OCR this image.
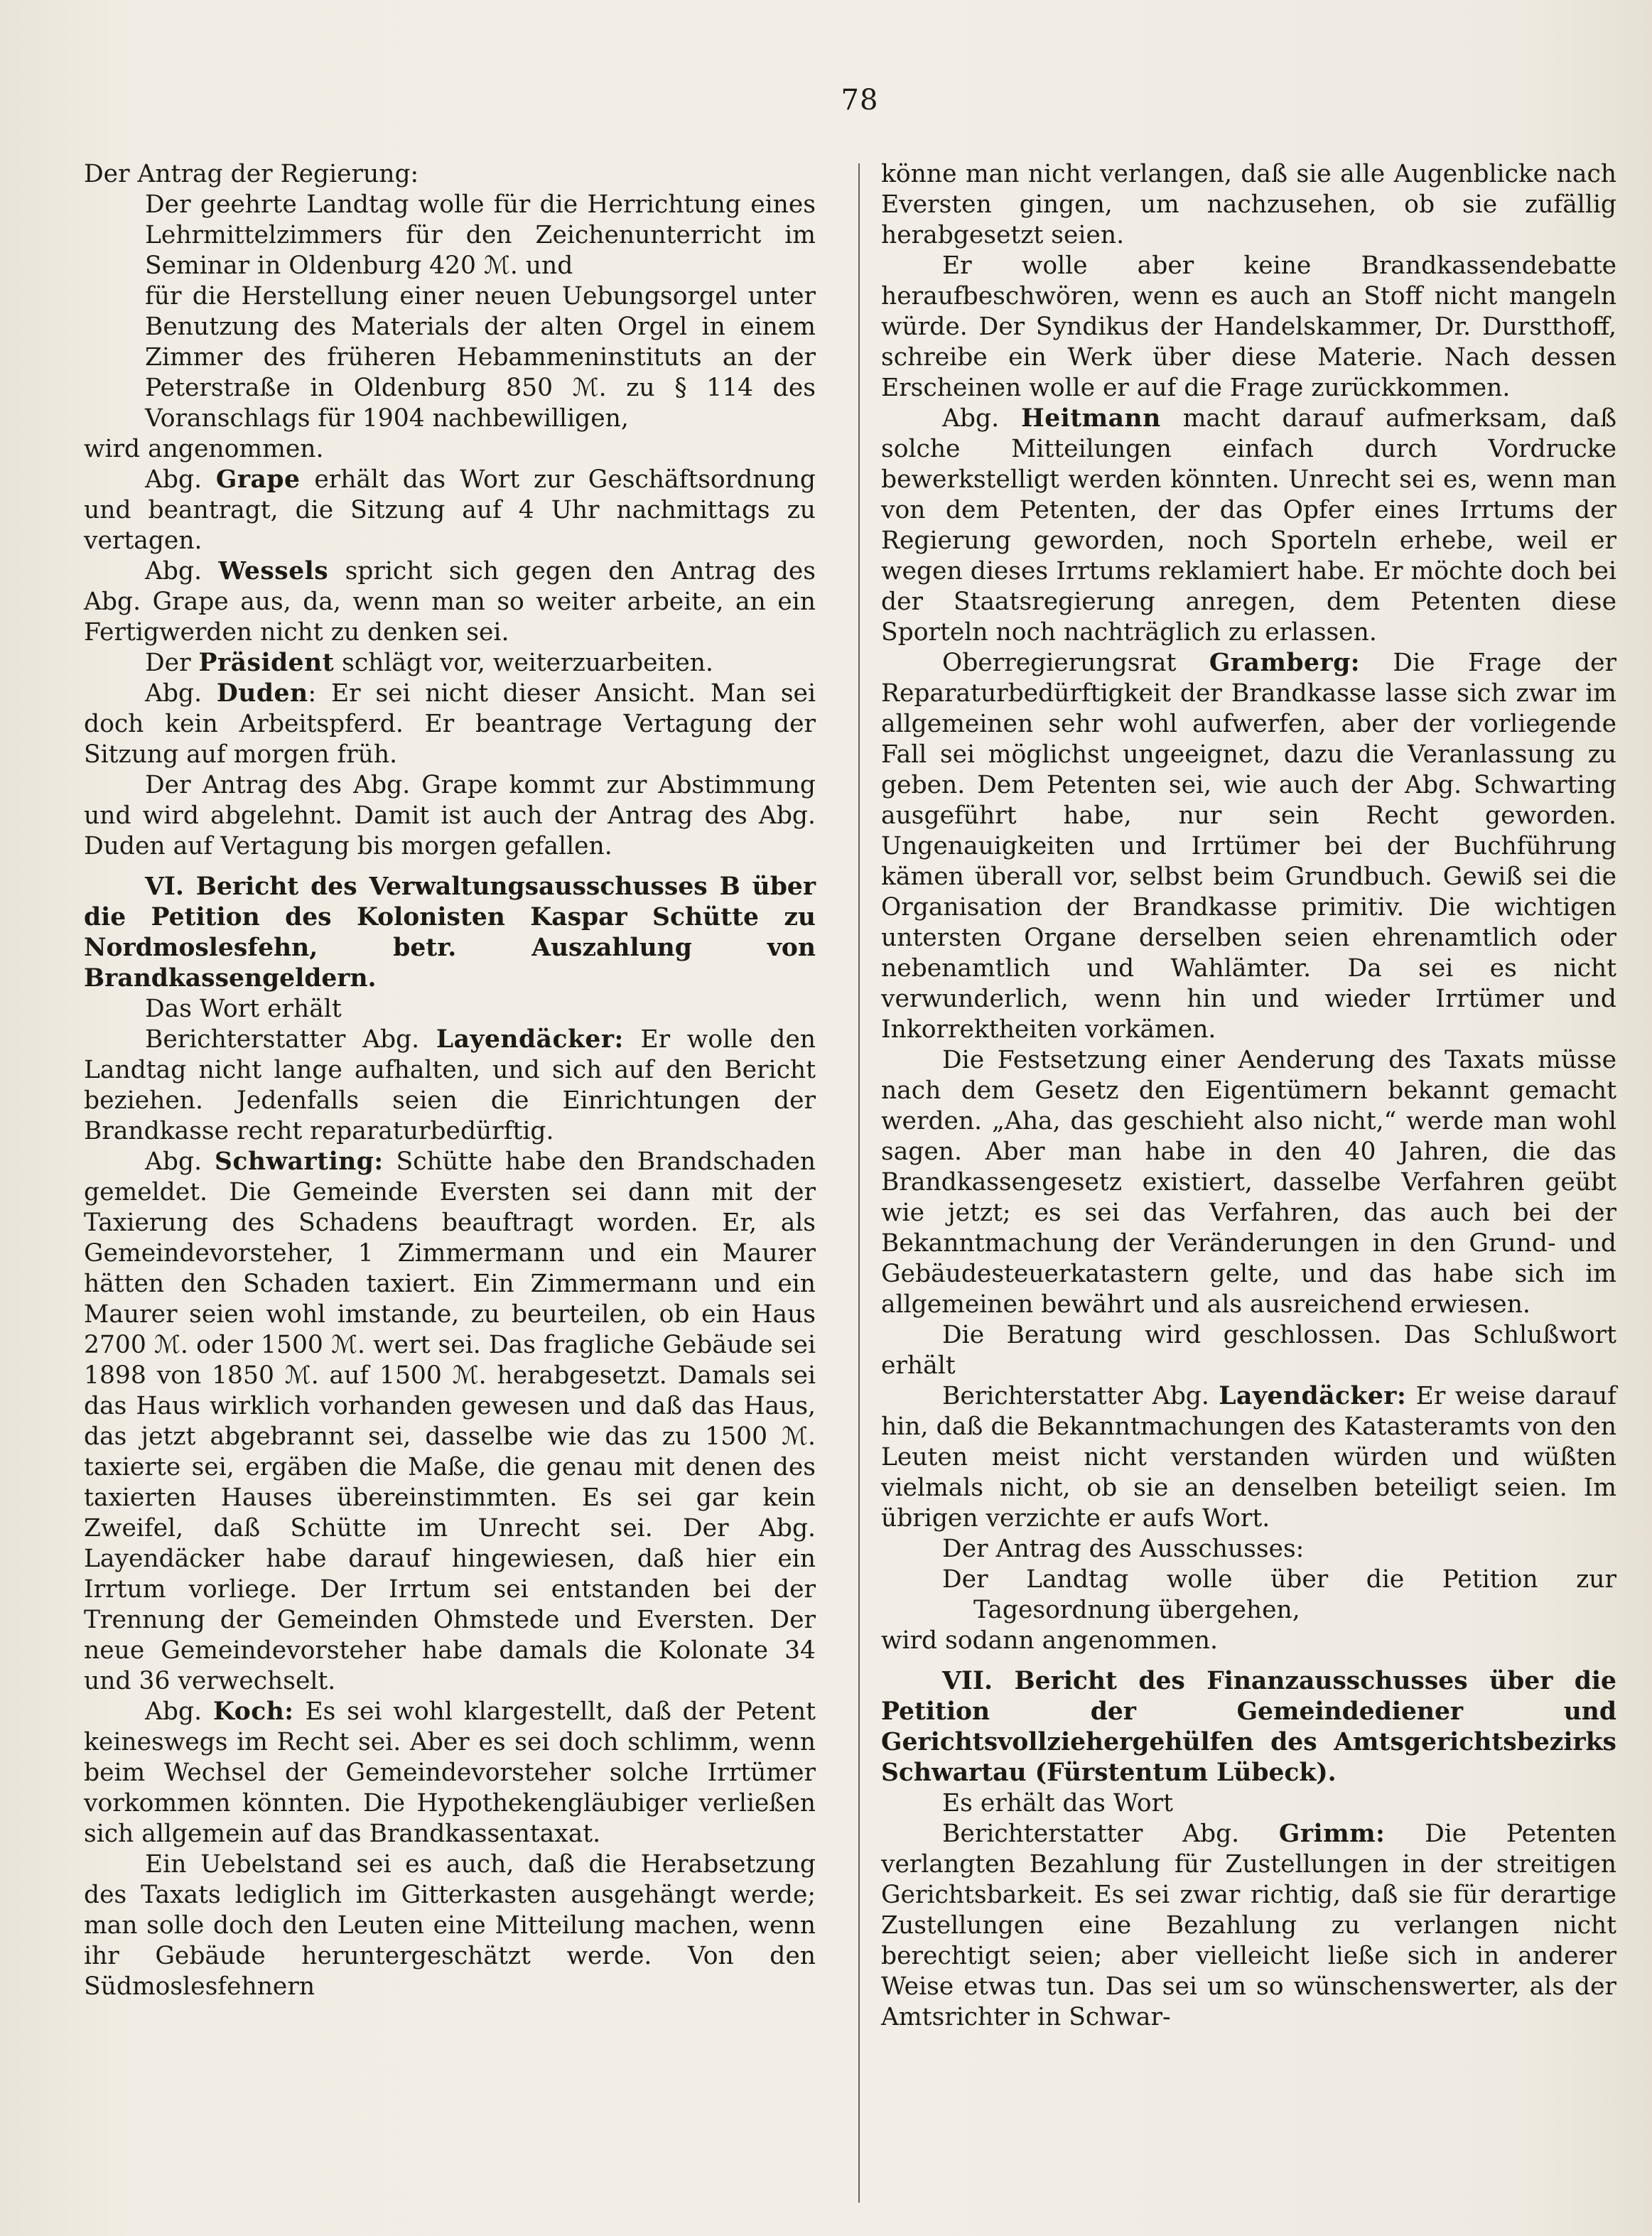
78

Der Antrag der Regierung:

Der geehrte Landtag wolle für die Herrichtung eines Lehrmittelzimmers für den Zeichenunterricht im Seminar in Oldenburg 420 ℳ. und

für die Herstellung einer neuen Uebungsorgel unter Benutzung des Materials der alten Orgel in einem Zimmer des früheren Hebammeninstituts an der Peterstraße in Oldenburg 850 ℳ. zu § 114 des Voranschlags für 1904 nachbewilligen,

wird angenommen.

Abg. Grape erhält das Wort zur Geschäftsordnung und beantragt, die Sitzung auf 4 Uhr nachmittags zu vertagen.

Abg. Wessels spricht sich gegen den Antrag des Abg. Grape aus, da, wenn man so weiter arbeite, an ein Fertigwerden nicht zu denken sei.

Der Präsident schlägt vor, weiterzuarbeiten.

Abg. Duden: Er sei nicht dieser Ansicht. Man sei doch kein Arbeitspferd. Er beantrage Vertagung der Sitzung auf morgen früh.

Der Antrag des Abg. Grape kommt zur Abstimmung und wird abgelehnt. Damit ist auch der Antrag des Abg. Duden auf Vertagung bis morgen gefallen.

VI. Bericht des Verwaltungsausschusses B über die Petition des Kolonisten Kaspar Schütte zu Nordmoslesfehn, betr. Auszahlung von Brandkassengeldern.

Das Wort erhält

Berichterstatter Abg. Layendäcker: Er wolle den Landtag nicht lange aufhalten, und sich auf den Bericht beziehen. Jedenfalls seien die Einrichtungen der Brandkasse recht reparaturbedürftig.

Abg. Schwarting: Schütte habe den Brandschaden gemeldet. Die Gemeinde Eversten sei dann mit der Taxierung des Schadens beauftragt worden. Er, als Gemeindevorsteher, 1 Zimmermann und ein Maurer hätten den Schaden taxiert. Ein Zimmermann und ein Maurer seien wohl imstande, zu beurteilen, ob ein Haus 2700 ℳ. oder 1500 ℳ. wert sei. Das fragliche Gebäude sei 1898 von 1850 ℳ. auf 1500 ℳ. herabgesetzt. Damals sei das Haus wirklich vorhanden gewesen und daß das Haus, das jetzt abgebrannt sei, dasselbe wie das zu 1500 ℳ. taxierte sei, ergäben die Maße, die genau mit denen des taxierten Hauses übereinstimmten. Es sei gar kein Zweifel, daß Schütte im Unrecht sei. Der Abg. Layendäcker habe darauf hingewiesen, daß hier ein Irrtum vorliege. Der Irrtum sei entstanden bei der Trennung der Gemeinden Ohmstede und Eversten. Der neue Gemeindevorsteher habe damals die Kolonate 34 und 36 verwechselt.

Abg. Koch: Es sei wohl klargestellt, daß der Petent keineswegs im Recht sei. Aber es sei doch schlimm, wenn beim Wechsel der Gemeindevorsteher solche Irrtümer vorkommen könnten. Die Hypothekengläubiger verließen sich allgemein auf das Brandkassentaxat.

Ein Uebelstand sei es auch, daß die Herabsetzung des Taxats lediglich im Gitterkasten ausgehängt werde; man solle doch den Leuten eine Mitteilung machen, wenn ihr Gebäude heruntergeschätzt werde. Von den Südmoslesfehnern

könne man nicht verlangen, daß sie alle Augenblicke nach Eversten gingen, um nachzusehen, ob sie zufällig herabgesetzt seien.

Er wolle aber keine Brandkassendebatte heraufbeschwören, wenn es auch an Stoff nicht mangeln würde. Der Syndikus der Handelskammer, Dr. Durstthoff, schreibe ein Werk über diese Materie. Nach dessen Erscheinen wolle er auf die Frage zurückkommen.

Abg. Heitmann macht darauf aufmerksam, daß solche Mitteilungen einfach durch Vordrucke bewerkstelligt werden könnten. Unrecht sei es, wenn man von dem Petenten, der das Opfer eines Irrtums der Regierung geworden, noch Sporteln erhebe, weil er wegen dieses Irrtums reklamiert habe. Er möchte doch bei der Staatsregierung anregen, dem Petenten diese Sporteln noch nachträglich zu erlassen.

Oberregierungsrat Gramberg: Die Frage der Reparaturbedürftigkeit der Brandkasse lasse sich zwar im allgemeinen sehr wohl aufwerfen, aber der vorliegende Fall sei möglichst ungeeignet, dazu die Veranlassung zu geben. Dem Petenten sei, wie auch der Abg. Schwarting ausgeführt habe, nur sein Recht geworden. Ungenauigkeiten und Irrtümer bei der Buchführung kämen überall vor, selbst beim Grundbuch. Gewiß sei die Organisation der Brandkasse primitiv. Die wichtigen untersten Organe derselben seien ehrenamtlich oder nebenamtlich und Wahlämter. Da sei es nicht verwunderlich, wenn hin und wieder Irrtümer und Inkorrektheiten vorkämen.

Die Festsetzung einer Aenderung des Taxats müsse nach dem Gesetz den Eigentümern bekannt gemacht werden. „Aha, das geschieht also nicht,“ werde man wohl sagen. Aber man habe in den 40 Jahren, die das Brandkassengesetz existiert, dasselbe Verfahren geübt wie jetzt; es sei das Verfahren, das auch bei der Bekanntmachung der Veränderungen in den Grund- und Gebäudesteuerkatastern gelte, und das habe sich im allgemeinen bewährt und als ausreichend erwiesen.

Die Beratung wird geschlossen. Das Schlußwort erhält

Berichterstatter Abg. Layendäcker: Er weise darauf hin, daß die Bekanntmachungen des Katasteramts von den Leuten meist nicht verstanden würden und wüßten vielmals nicht, ob sie an denselben beteiligt seien. Im übrigen verzichte er aufs Wort.

Der Antrag des Ausschusses:

Der Landtag wolle über die Petition zur Tagesordnung übergehen,

wird sodann angenommen.

VII. Bericht des Finanzausschusses über die Petition der Gemeindediener und Gerichtsvollziehergehülfen des Amtsgerichtsbezirks Schwartau (Fürstentum Lübeck).

Es erhält das Wort

Berichterstatter Abg. Grimm: Die Petenten verlangten Bezahlung für Zustellungen in der streitigen Gerichtsbarkeit. Es sei zwar richtig, daß sie für derartige Zustellungen eine Bezahlung zu verlangen nicht berechtigt seien; aber vielleicht ließe sich in anderer Weise etwas tun. Das sei um so wünschenswerter, als der Amtsrichter in Schwar-
